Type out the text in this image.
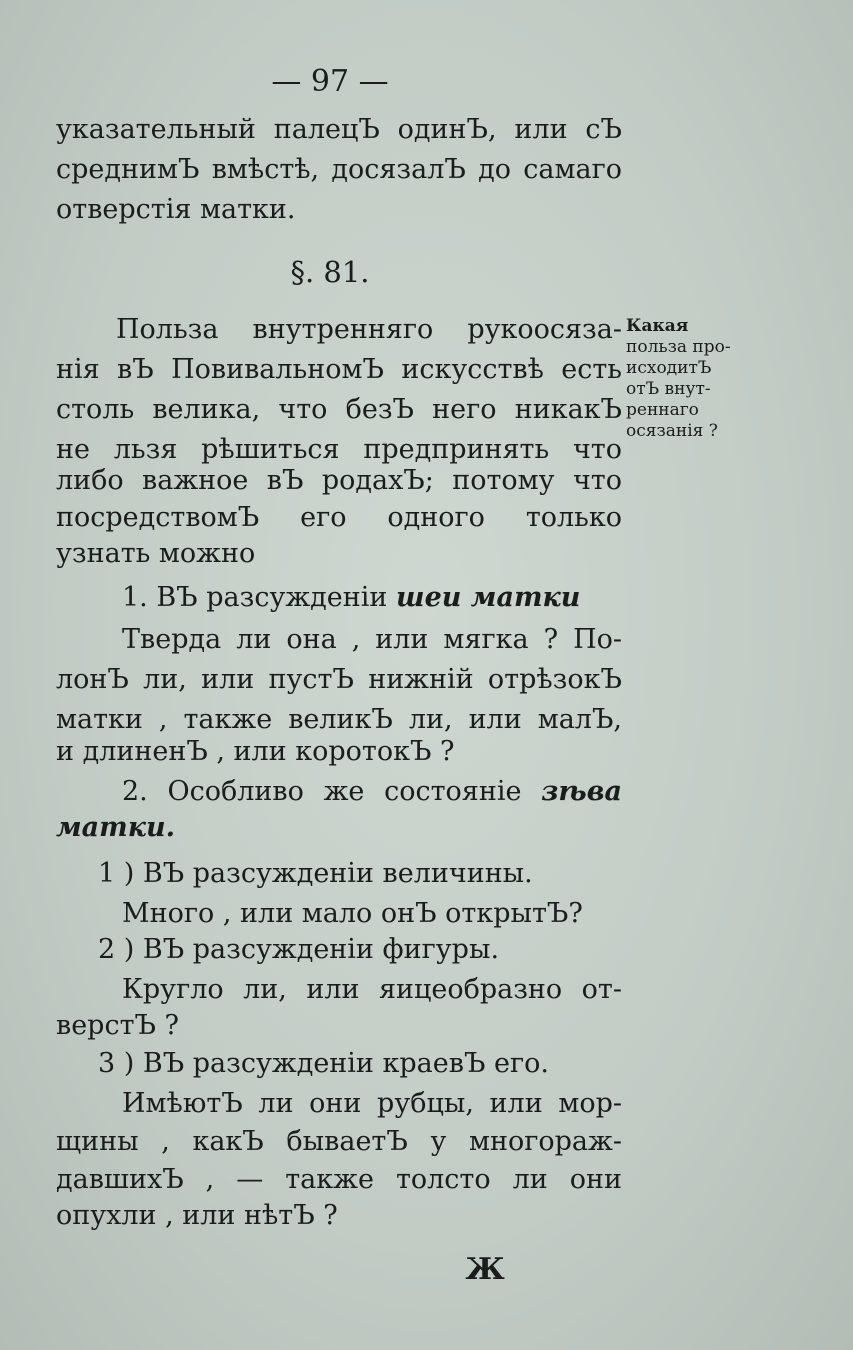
— 97 —
указательный палецЪ одинЪ, или сЪ
среднимЪ вмѣстѣ, досязалЪ до самаго
отверстія матки.
§. 81.
Польза внутренняго рукоосяза-
нія вЪ ПовивальномЪ искусствѣ есть
столь велика, что безЪ него никакЪ
не льзя рѣшиться предпринять что
либо важное вЪ родахЪ; потому что
посредствомЪ его одного только
узнать можно
1. ВЪ разсужденіи шеи матки
Тверда ли она , или мягка ? По-
лонЪ ли, или пустЪ нижній отрѣзокЪ
матки , также великЪ ли, или малЪ,
и длиненЪ , или коротокЪ ?
2. Особливо же состояніе зѣва
матки.
1 ) ВЪ разсужденіи величины.
Много , или мало онЪ открытЪ?
2 ) ВЪ разсужденіи фигуры.
Кругло ли, или яицеобразно от-
верстЪ ?
3 ) ВЪ разсужденіи краевЪ его.
ИмѣютЪ ли они рубцы, или мор-
щины , какЪ бываетЪ у многораж-
давшихЪ , — также толсто ли они
опухли , или нѣтЪ ?
Какая
польза про-
исходитЪ
отЪ внут-
реннаго
осязанія ?
Ж
